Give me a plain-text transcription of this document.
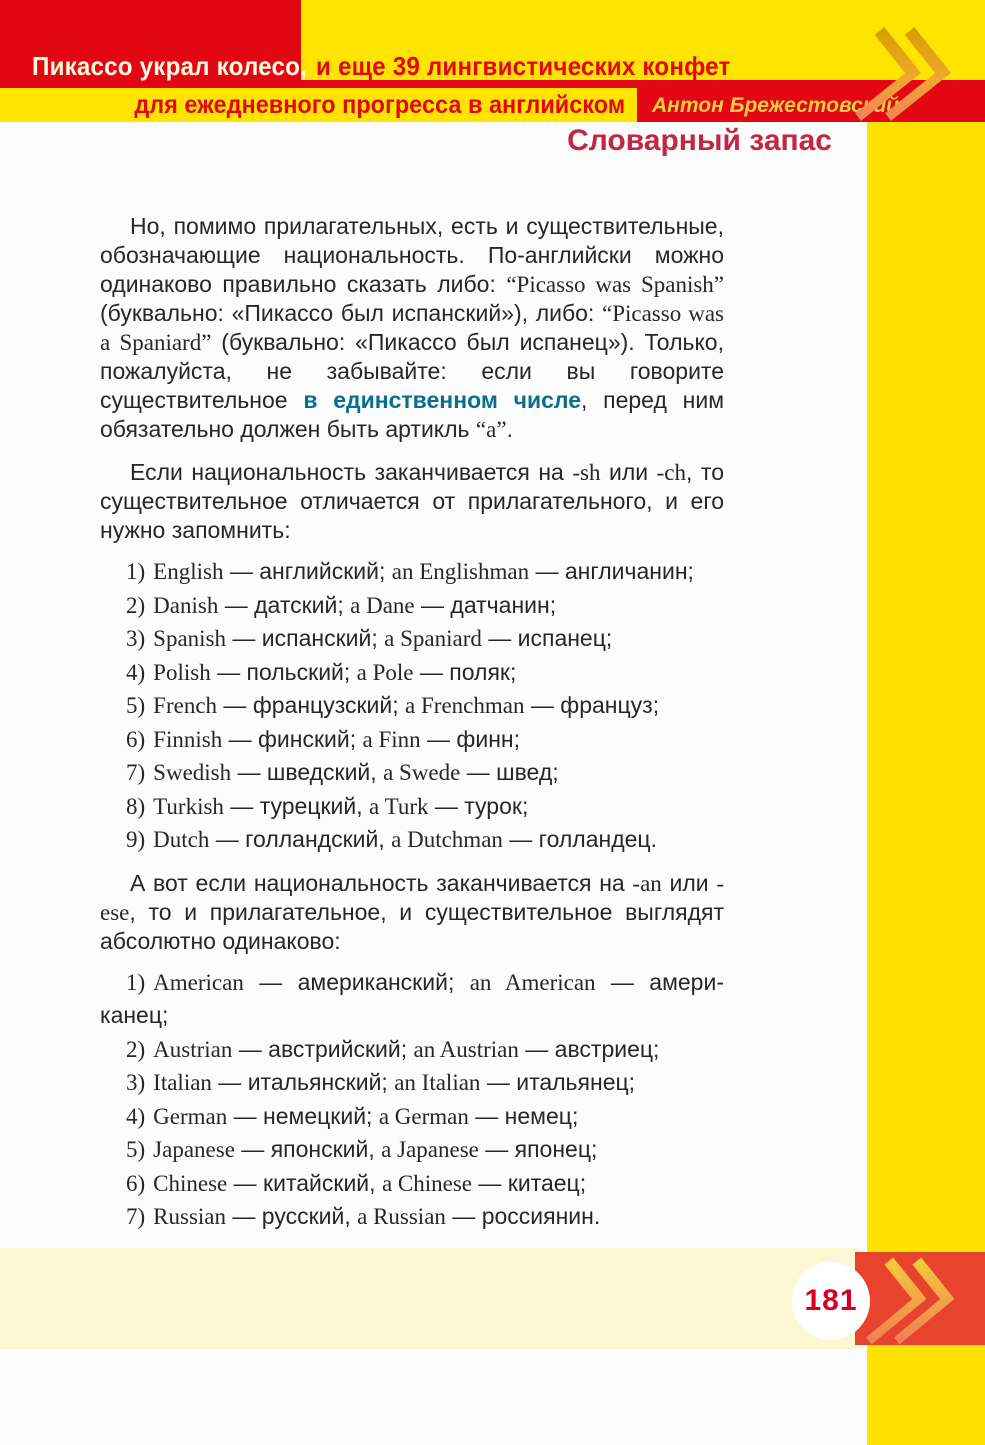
Пикассо украл колесо, и еще 39 лингвистических конфет
для ежедневного прогресса в английском Антон Брежестовский
Словарный запас

Но, помимо прилагательных, есть и существительные, обозначающие национальность. По-английски можно одинаково правильно сказать либо: “Picasso was Spanish” (буквально: «Пикассо был испанский»), либо: “Picasso was a Spaniard” (буквально: «Пикассо был испанец»). Только, пожалуйста, не забывайте: если вы говорите существительное в единственном числе, перед ним обязательно должен быть артикль “a”.

Если национальность заканчивается на -sh или -ch, то существительное отличается от прилагательного, и его нужно запомнить:

1) English — английский; an Englishman — англичанин;
2) Danish — датский; a Dane — датчанин;
3) Spanish — испанский; a Spaniard — испанец;
4) Polish — польский; a Pole — поляк;
5) French — французский; a Frenchman — француз;
6) Finnish — финский; a Finn — финн;
7) Swedish — шведский, a Swede — швед;
8) Turkish — турецкий, a Turk — турок;
9) Dutch — голландский, a Dutchman — голландец.

А вот если национальность заканчивается на -an или -ese, то и прилагательное, и существительное выглядят абсолютно одинаково:

1) American — американский; an American — американец;
2) Austrian — австрийский; an Austrian — австриец;
3) Italian — итальянский; an Italian — итальянец;
4) German — немецкий; a German — немец;
5) Japanese — японский, a Japanese — японец;
6) Chinese — китайский, a Chinese — китаец;
7) Russian — русский, a Russian — россиянин.
181
